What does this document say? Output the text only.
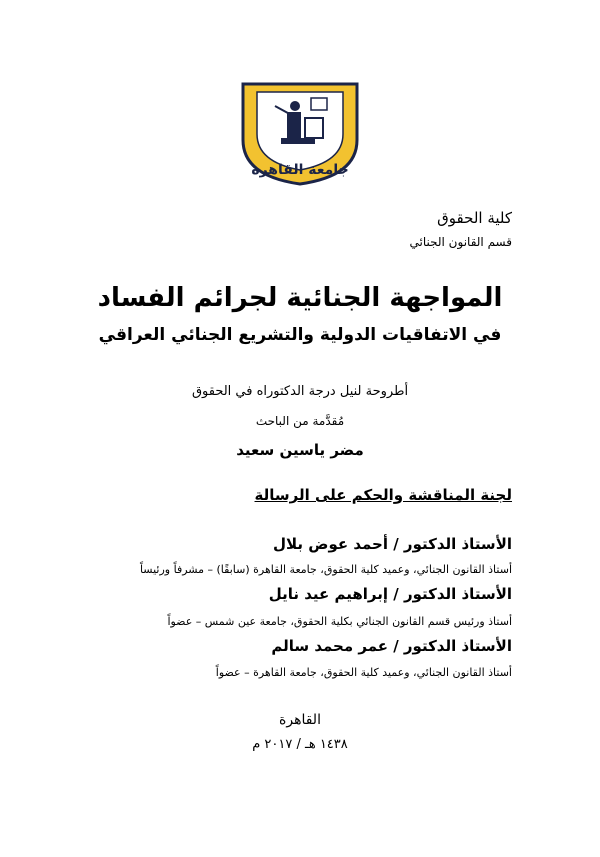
جامعة القاهرة
كلية الحقوق
قسم القانون الجنائي
المواجهة الجنائية لجرائم الفساد
في الاتفاقيات الدولية والتشريع الجنائي العراقي
أطروحة لنيل درجة الدكتوراه في الحقوق
مُقدَّمة من الباحث
مضر ياسين سعيد
لجنة المناقشة والحكم على الرسالة
الأستاذ الدكتور / أحمد عوض بلال
أستاذ القانون الجنائي، وعميد كلية الحقوق، جامعة القاهرة (سابقًا) – مشرفاً ورئيساً
الأستاذ الدكتور / إبراهيم عيد نايل
أستاذ ورئيس قسم القانون الجنائي بكلية الحقوق، جامعة عين شمس – عضواً
الأستاذ الدكتور / عمر محمد سالم
أستاذ القانون الجنائي، وعميد كلية الحقوق، جامعة القاهرة – عضواً
القاهرة
١٤٣٨ هـ / ٢٠١٧ م
